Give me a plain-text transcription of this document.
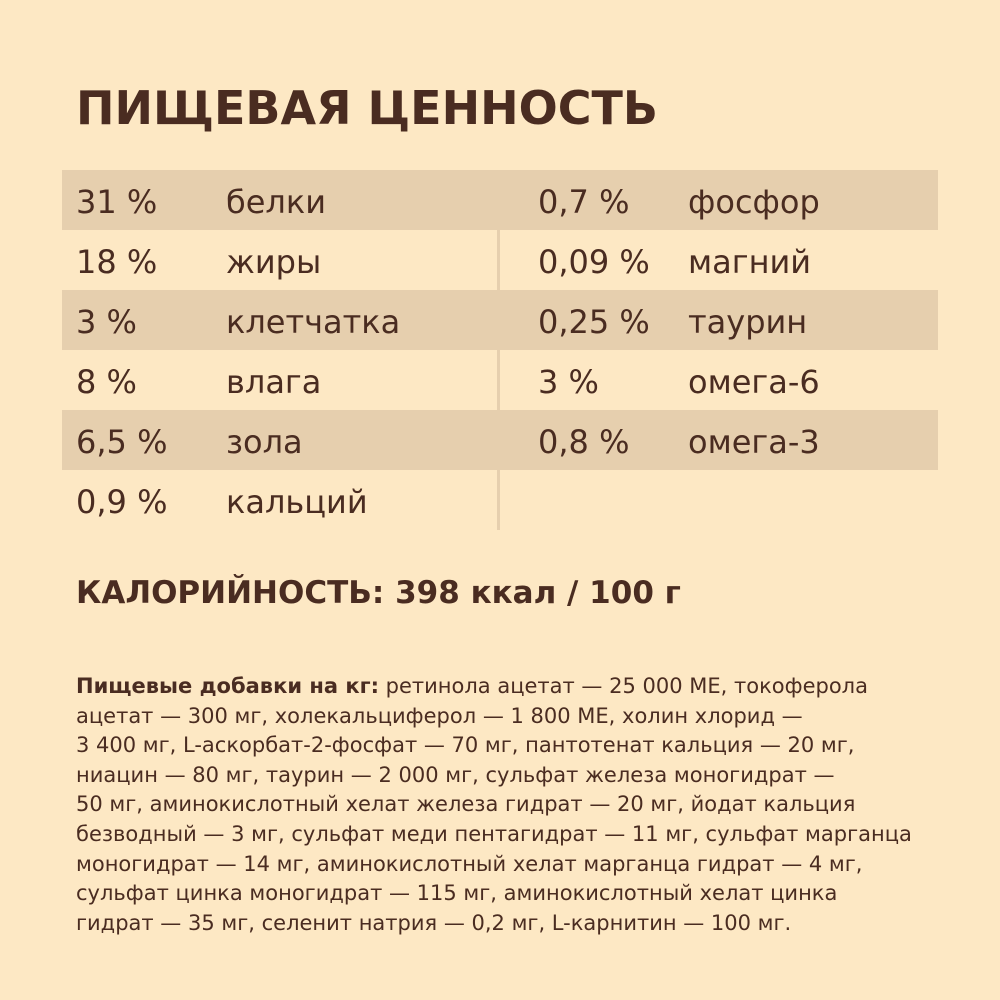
ПИЩЕВАЯ ЦЕННОСТЬ
31 % белки	0,7 % фосфор
18 % жиры	0,09 % магний
3 %	клетчатка	0,25 % таурин
8 %	влага	3 %	омега-6
6,5 % зола	0,8 % омега-3
0,9 % кальций
КАЛОРИЙНОСТЬ: 398 ккал / 100 г
Пищевые добавки на кг: ретинола ацетат — 25 000 МЕ, токоферола
ацетат — 300 мг, холекальциферол — 1 800 МЕ, холин хлорид —
3 400 мг, L-аскорбат-2-фосфат — 70 мг, пантотенат кальция — 20 мг,
ниацин — 80 мг, таурин — 2 000 мг, сульфат железа моногидрат —
50 мг, аминокислотный хелат железа гидрат — 20 мг, йодат кальция
безводный — 3 мг, сульфат меди пентагидрат — 11 мг, сульфат марганца
моногидрат — 14 мг, аминокислотный хелат марганца гидрат — 4 мг,
сульфат цинка моногидрат — 115 мг, аминокислотный хелат цинка
гидрат — 35 мг, селенит натрия — 0,2 мг, L-карнитин — 100 мг.
